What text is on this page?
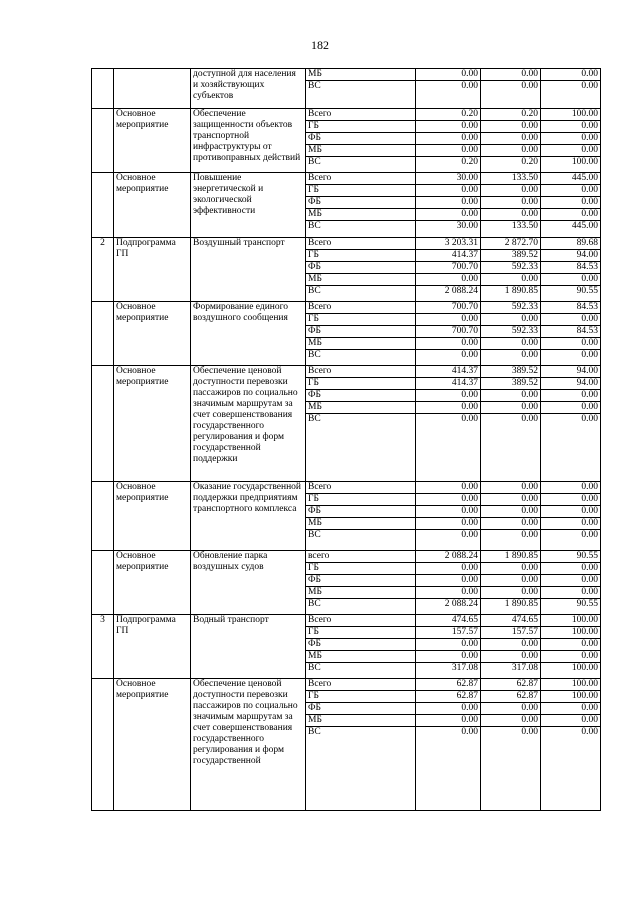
182
		доступной для населения и хозяйствующих субъектов	МБ	0.00	0.00	0.00
			ВС	0.00	0.00	0.00
	Основное мероприятие	Обеспечение защищенности объектов транспортной инфраструктуры от противоправных действий	Всего	0.20	0.20	100.00
			ГБ	0.00	0.00	0.00
			ФБ	0.00	0.00	0.00
			МБ	0.00	0.00	0.00
			ВС	0.20	0.20	100.00
	Основное мероприятие	Повышение энергетической и экологической эффективности	Всего	30.00	133.50	445.00
			ГБ	0.00	0.00	0.00
			ФБ	0.00	0.00	0.00
			МБ	0.00	0.00	0.00
			ВС	30.00	133.50	445.00
2	Подпрограмма ГП	Воздушный транспорт	Всего	3 203.31	2 872.70	89.68
			ГБ	414.37	389.52	94.00
			ФБ	700.70	592.33	84.53
			МБ	0.00	0.00	0.00
			ВС	2 088.24	1 890.85	90.55
	Основное мероприятие	Формирование единого воздушного сообщения	Всего	700.70	592.33	84.53
			ГБ	0.00	0.00	0.00
			ФБ	700.70	592.33	84.53
			МБ	0.00	0.00	0.00
			ВС	0.00	0.00	0.00
	Основное мероприятие	Обеспечение ценовой доступности перевозки пассажиров по социально значимым маршрутам за счет совершенствования государственного регулирования и форм государственной поддержки	Всего	414.37	389.52	94.00
			ГБ	414.37	389.52	94.00
			ФБ	0.00	0.00	0.00
			МБ	0.00	0.00	0.00
			ВС	0.00	0.00	0.00
	Основное мероприятие	Оказание государственной поддержки предприятиям транспортного комплекса	Всего	0.00	0.00	0.00
			ГБ	0.00	0.00	0.00
			ФБ	0.00	0.00	0.00
			МБ	0.00	0.00	0.00
			ВС	0.00	0.00	0.00
	Основное мероприятие	Обновление парка воздушных судов	всего	2 088.24	1 890.85	90.55
			ГБ	0.00	0.00	0.00
			ФБ	0.00	0.00	0.00
			МБ	0.00	0.00	0.00
			ВС	2 088.24	1 890.85	90.55
3	Подпрограмма ГП	Водный транспорт	Всего	474.65	474.65	100.00
			ГБ	157.57	157.57	100.00
			ФБ	0.00	0.00	0.00
			МБ	0.00	0.00	0.00
			ВС	317.08	317.08	100.00
	Основное мероприятие	Обеспечение ценовой доступности перевозки пассажиров по социально значимым маршрутам за счет совершенствования государственного регулирования и форм государственной	Всего	62.87	62.87	100.00
			ГБ	62.87	62.87	100.00
			ФБ	0.00	0.00	0.00
			МБ	0.00	0.00	0.00
			ВС	0.00	0.00	0.00
